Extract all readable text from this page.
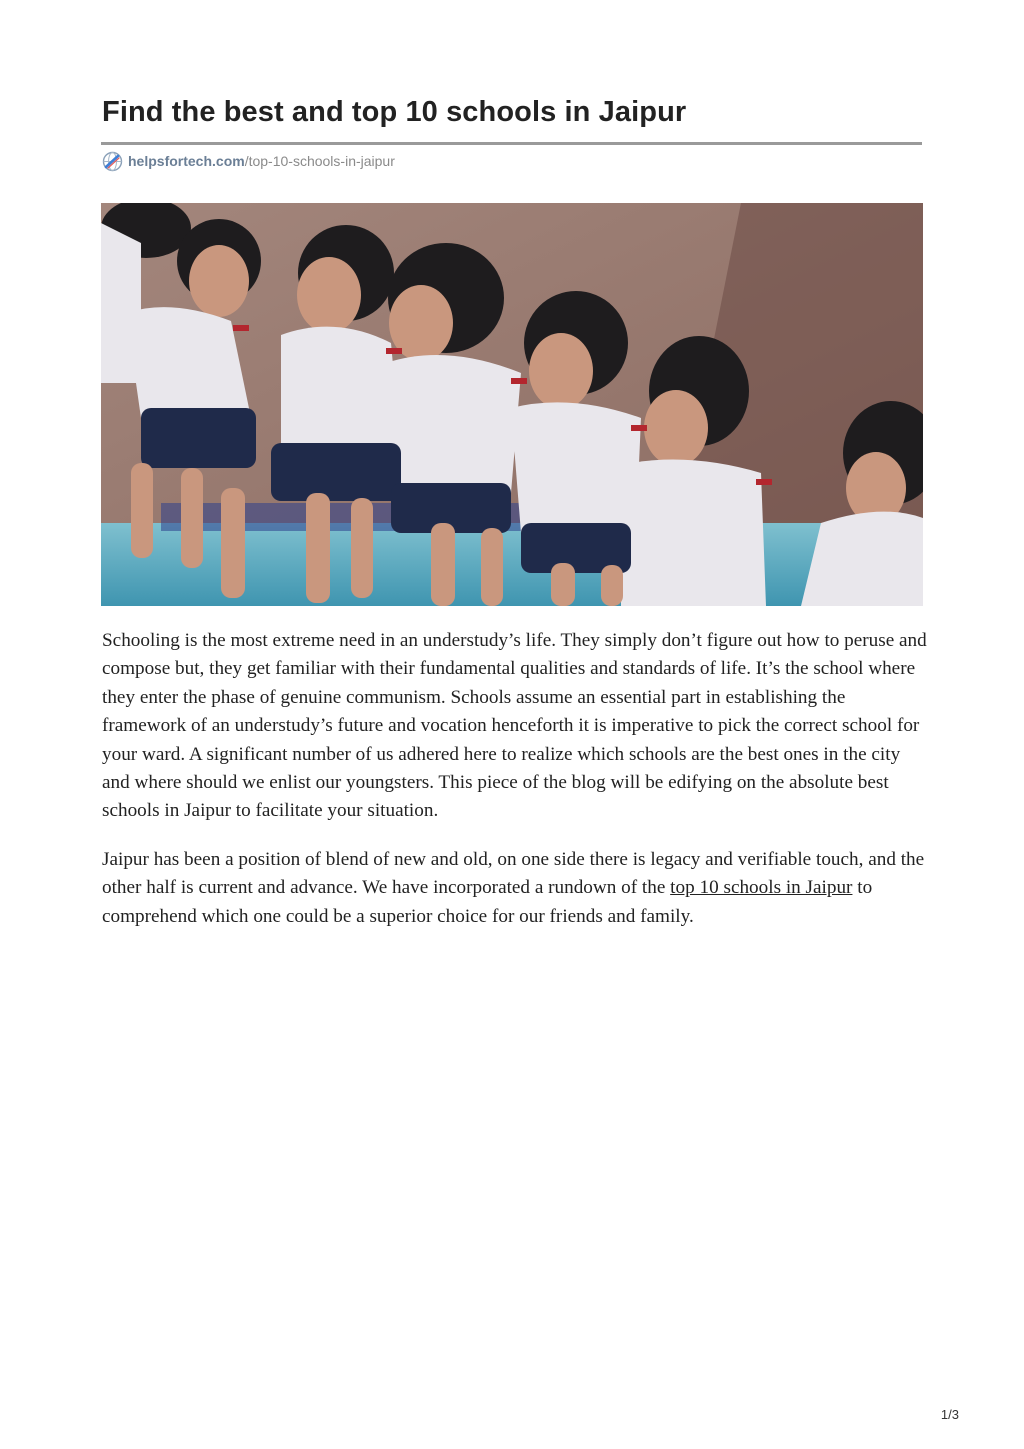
Find the best and top 10 schools in Jaipur
helpsfortech.com /top-10-schools-in-jaipur

Schooling is the most extreme need in an understudy’s life. They simply don’t figure out how to peruse and compose but, they get familiar with their fundamental qualities and standards of life. It’s the school where they enter the phase of genuine communism. Schools assume an essential part in establishing the framework of an understudy’s future and vocation henceforth it is imperative to pick the correct school for your ward. A significant number of us adhered here to realize which schools are the best ones in the city and where should we enlist our youngsters. This piece of the blog will be edifying on the absolute best schools in Jaipur to facilitate your situation.

Jaipur has been a position of blend of new and old, on one side there is legacy and verifiable touch, and the other half is current and advance. We have incorporated a rundown of the top 10 schools in Jaipur to comprehend which one could be a superior choice for our friends and family.

1/3
